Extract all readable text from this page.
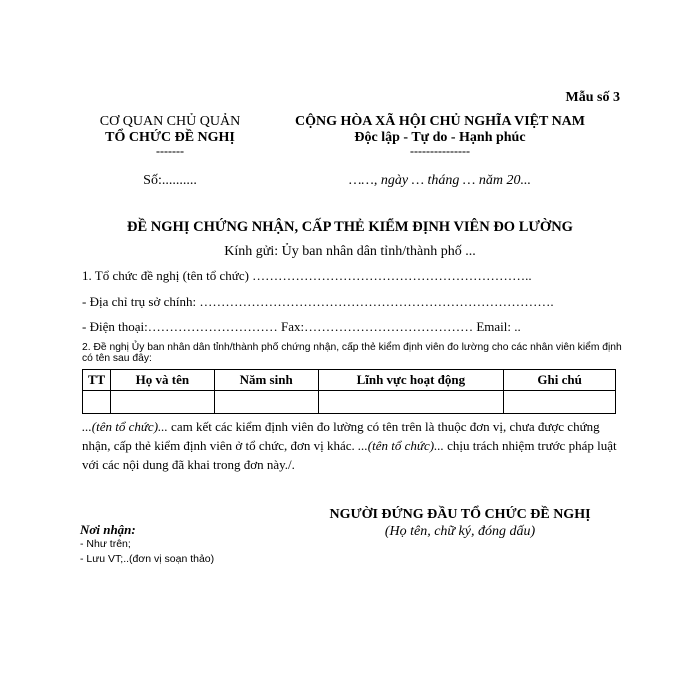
Mẫu số 3
CƠ QUAN CHỦ QUẢN
TỔ CHỨC ĐỀ NGHỊ
-------
CỘNG HÒA XÃ HỘI CHỦ NGHĨA VIỆT NAM
Độc lập - Tự do - Hạnh phúc
---------------
Số:..........	……, ngày … tháng … năm 20...
ĐỀ NGHỊ CHỨNG NHẬN, CẤP THẺ KIỂM ĐỊNH VIÊN ĐO LƯỜNG
Kính gửi: Ủy ban nhân dân tỉnh/thành phố ...
1. Tổ chức đề nghị (tên tổ chức) ………………………………………………………..
- Địa chỉ trụ sở chính: ……………………………………………………………………….
- Điện thoại:………………………… Fax:………………………………… Email: ..
2. Đề nghị Ủy ban nhân dân tỉnh/thành phố chứng nhận, cấp thẻ kiểm định viên đo lường cho các nhân viên kiểm định có tên sau đây:
TT	Họ và tên	Năm sinh	Lĩnh vực hoạt động	Ghi chú

...(tên tổ chức)... cam kết các kiểm định viên đo lường có tên trên là thuộc đơn vị, chưa được chứng nhận, cấp thẻ kiểm định viên ở tổ chức, đơn vị khác. ...(tên tổ chức)... chịu trách nhiệm trước pháp luật với các nội dung đã khai trong đơn này./.
NGƯỜI ĐỨNG ĐẦU TỔ CHỨC ĐỀ NGHỊ
(Họ tên, chữ ký, đóng dấu)
Nơi nhận:
- Như trên;
- Lưu VT;..(đơn vị soạn thảo)
